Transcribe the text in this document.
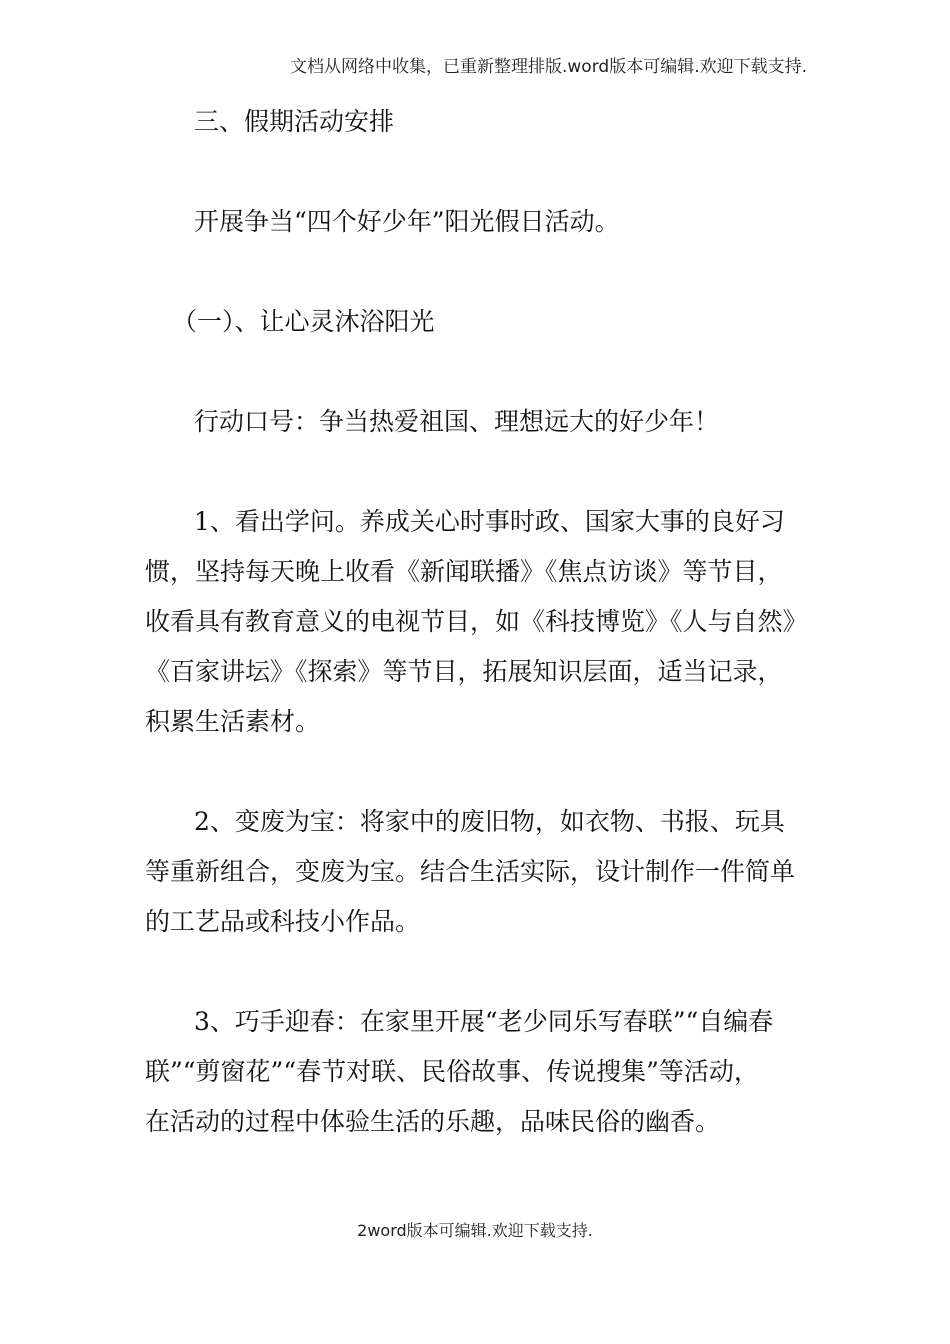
文档从网络中收集，已重新整理排版.word版本可编辑.欢迎下载支持.
三、假期活动安排
开展争当“四个好少年”阳光假日活动。
（一）、让心灵沐浴阳光
行动口号：争当热爱祖国、理想远大的好少年！
1、看出学问。养成关心时事时政、国家大事的良好习
惯，坚持每天晚上收看《新闻联播》《焦点访谈》等节目，
收看具有教育意义的电视节目，如《科技博览》《人与自然》
《百家讲坛》《探索》等节目，拓展知识层面，适当记录，
积累生活素材。
2、变废为宝：将家中的废旧物，如衣物、书报、玩具
等重新组合，变废为宝。结合生活实际，设计制作一件简单
的工艺品或科技小作品。
3、巧手迎春：在家里开展“老少同乐写春联”“自编春
联”“剪窗花”“春节对联、民俗故事、传说搜集”等活动，
在活动的过程中体验生活的乐趣，品味民俗的幽香。
2word版本可编辑.欢迎下载支持.
